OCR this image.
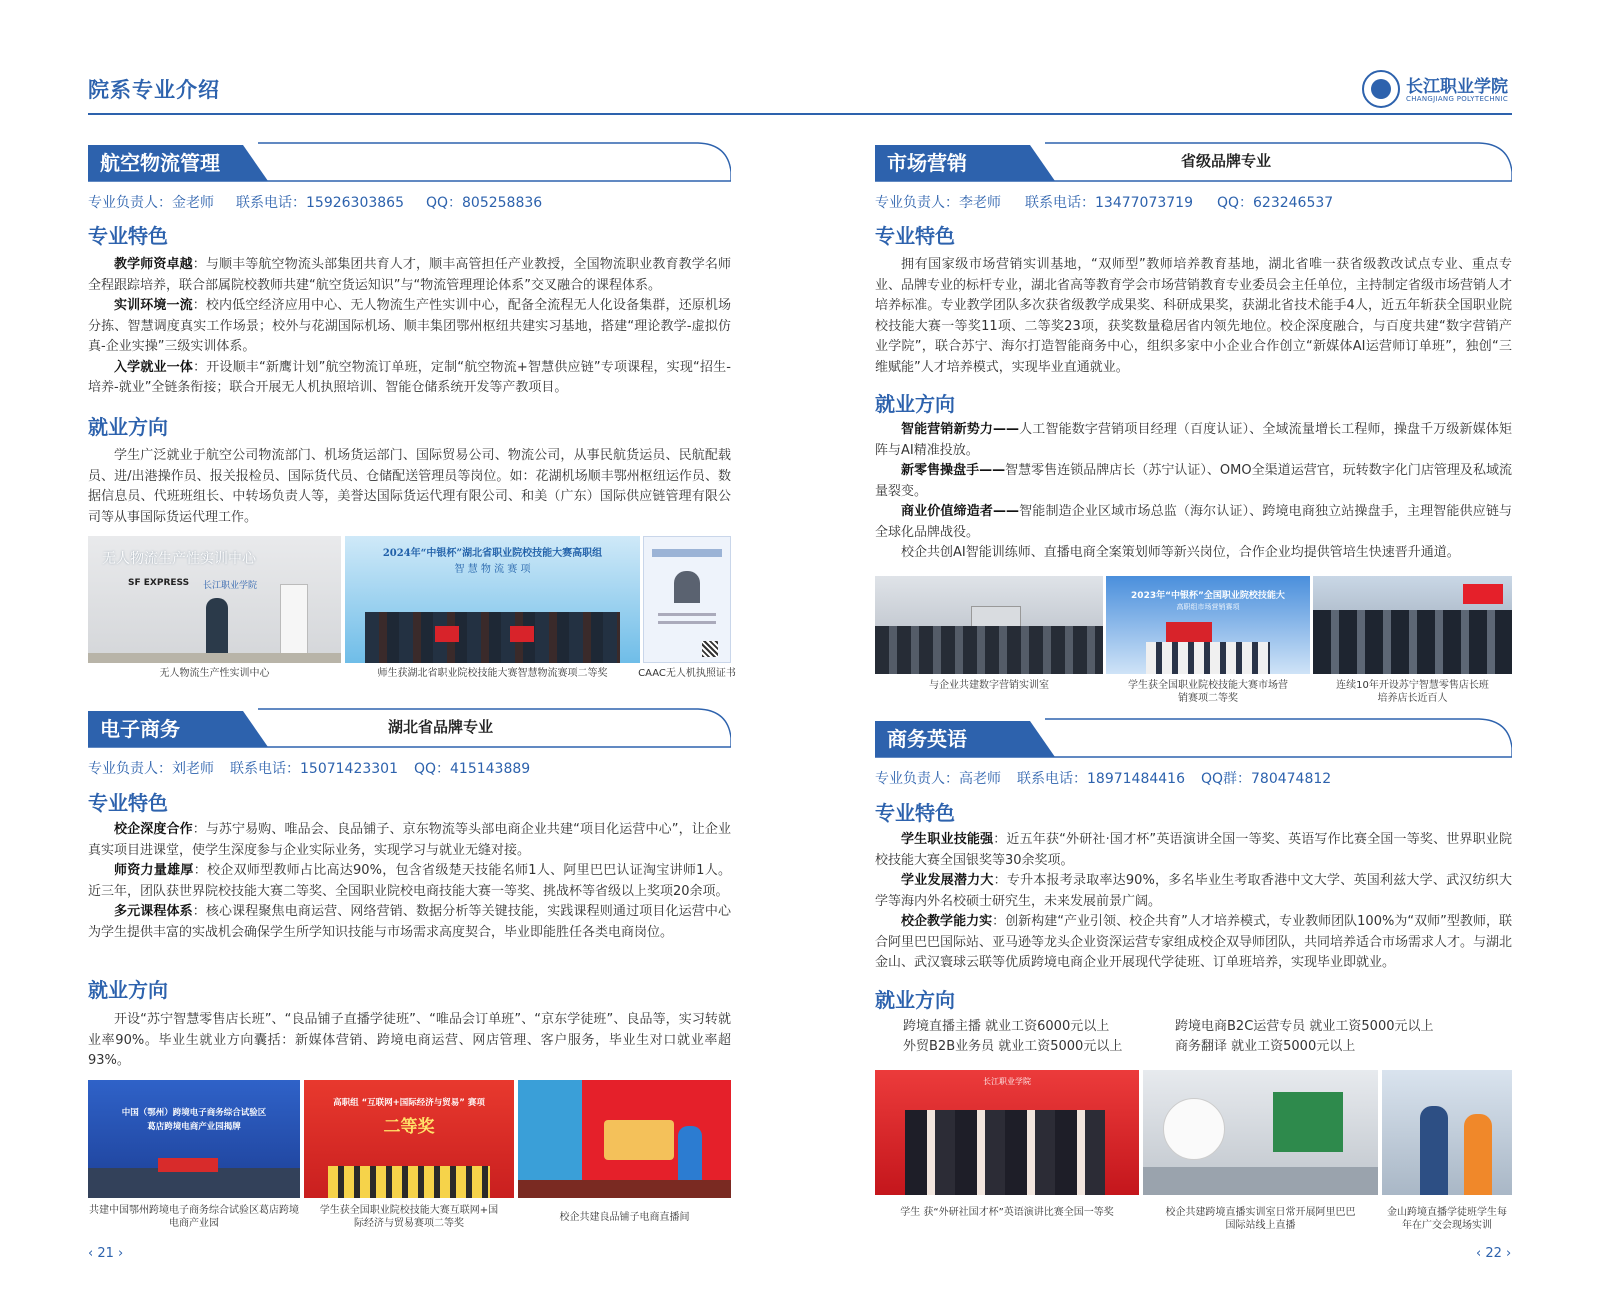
院系专业介绍	长江职业学院
CHANGJIANG POLYTECHNIC
航空物流管理
专业负责人：金老师 联系电话：15926303865 QQ：805258836
专业特色

教学师资卓越：与顺丰等航空物流头部集团共育人才，顺丰高管担任产业教授，全国物流职业教育教学名师全程跟踪培养，联合部属院校教师共建“航空货运知识”与“物流管理理论体系”交叉融合的课程体系。

实训环境一流：校内低空经济应用中心、无人物流生产性实训中心，配备全流程无人化设备集群，还原机场分拣、智慧调度真实工作场景；校外与花湖国际机场、顺丰集团鄂州枢纽共建实习基地，搭建“理论教学-虚拟仿真-企业实操”三级实训体系。

入学就业一体：开设顺丰“新鹰计划”航空物流订单班，定制“航空物流+智慧供应链”专项课程，实现“招生-培养-就业”全链条衔接；联合开展无人机执照培训、智能仓储系统开发等产教项目。

就业方向

学生广泛就业于航空公司物流部门、机场货运部门、国际贸易公司、物流公司，从事民航货运员、民航配载员、进/出港操作员、报关报检员、国际货代员、仓储配送管理员等岗位。如：花湖机场顺丰鄂州枢纽运作员、数据信息员、代班班组长、中转场负责人等，美誉达国际货运代理有限公司、和美（广东）国际供应链管理有限公司等从事国际货运代理工作。

无人物流生产性实训中心
SF EXPRESS 长江职业学院
2024年“中银杯”湖北省职业院校技能大赛高职组
智 慧 物 流 赛 项
无人物流生产性实训中心	师生获湖北省职业院校技能大赛智慧物流赛项二等奖	CAAC无人机执照证书
电子商务	湖北省品牌专业
专业负责人：刘老师 联系电话：15071423301 QQ：415143889
专业特色

校企深度合作：与苏宁易购、唯品会、良品铺子、京东物流等头部电商企业共建“项目化运营中心”，让企业真实项目进课堂，使学生深度参与企业实际业务，实现学习与就业无缝对接。

师资力量雄厚：校企双师型教师占比高达90%，包含省级楚天技能名师1人、阿里巴巴认证淘宝讲师1人。近三年，团队获世界院校技能大赛二等奖、全国职业院校电商技能大赛一等奖、挑战杯等省级以上奖项20余项。

多元课程体系：核心课程聚焦电商运营、网络营销、数据分析等关键技能，实践课程则通过项目化运营中心为学生提供丰富的实战机会确保学生所学知识技能与市场需求高度契合，毕业即能胜任各类电商岗位。

就业方向

开设“苏宁智慧零售店长班”、“良品铺子直播学徒班”、“唯品会订单班”、“京东学徒班”、良品等，实习转就业率90%。毕业生就业方向囊括：新媒体营销、跨境电商运营、网店管理、客户服务，毕业生对口就业率超93%。

中国（鄂州）跨境电子商务综合试验区
葛店跨境电商产业园揭牌
高职组 “互联网+国际经济与贸易” 赛项
二等奖
共建中国鄂州跨境电子商务综合试验区葛店跨境电商产业园
学生获全国职业院校技能大赛互联网+国际经济与贸易赛项二等奖
校企共建良品铺子电商直播间
‹ 21 ›
市场营销	省级品牌专业
专业负责人：李老师 联系电话：13477073719 QQ：623246537
专业特色

拥有国家级市场营销实训基地，“双师型”教师培养教育基地，湖北省唯一获省级教改试点专业、重点专业、品牌专业的标杆专业，湖北省高等教育学会市场营销教育专业委员会主任单位，主持制定省级市场营销人才培养标准。专业教学团队多次获省级教学成果奖、科研成果奖，获湖北省技术能手4人，近五年斩获全国职业院校技能大赛一等奖11项、二等奖23项，获奖数量稳居省内领先地位。校企深度融合，与百度共建“数字营销产业学院”，联合苏宁、海尔打造智能商务中心，组织多家中小企业合作创立“新媒体AI运营师订单班”，独创“三维赋能”人才培养模式，实现毕业直通就业。

就业方向

智能营销新势力——人工智能数字营销项目经理（百度认证）、全域流量增长工程师，操盘千万级新媒体矩阵与AI精准投放。

新零售操盘手——智慧零售连锁品牌店长（苏宁认证）、OMO全渠道运营官，玩转数字化门店管理及私域流量裂变。

商业价值缔造者——智能制造企业区域市场总监（海尔认证）、跨境电商独立站操盘手，主理智能供应链与全球化品牌战役。

校企共创AI智能训练师、直播电商全案策划师等新兴岗位，合作企业均提供管培生快速晋升通道。

2023年“中银杯”全国职业院校技能大
高职组市场营销赛项
与企业共建数字营销实训室	学生获全国职业院校技能大赛市场营销赛项二等奖
连续10年开设苏宁智慧零售店长班培养店长近百人
商务英语
专业负责人：高老师 联系电话：18971484416 QQ群：780474812
专业特色

学生职业技能强：近五年获“外研社·国才杯”英语演讲全国一等奖、英语写作比赛全国一等奖、世界职业院校技能大赛全国银奖等30余奖项。

学业发展潜力大：专升本报考录取率达90%，多名毕业生考取香港中文大学、英国利兹大学、武汉纺织大学等海内外名校硕士研究生，未来发展前景广阔。

校企教学能力实：创新构建“产业引领、校企共育”人才培养模式，专业教师团队100%为“双师”型教师，联合阿里巴巴国际站、亚马逊等龙头企业资深运营专家组成校企双导师团队，共同培养适合市场需求人才。与湖北金山、武汉寰球云联等优质跨境电商企业开展现代学徒班、订单班培养，实现毕业即就业。

就业方向
跨境直播主播 就业工资6000元以上	跨境电商B2C运营专员 就业工资5000元以上
外贸B2B业务员 就业工资5000元以上	商务翻译 就业工资5000元以上
长江职业学院
学生 获“外研社国才杯”英语演讲比赛全国一等奖	校企共建跨境直播实训室日常开展阿里巴巴国际站线上直播
金山跨境直播学徒班学生每年在广交会现场实训
‹ 22 ›
